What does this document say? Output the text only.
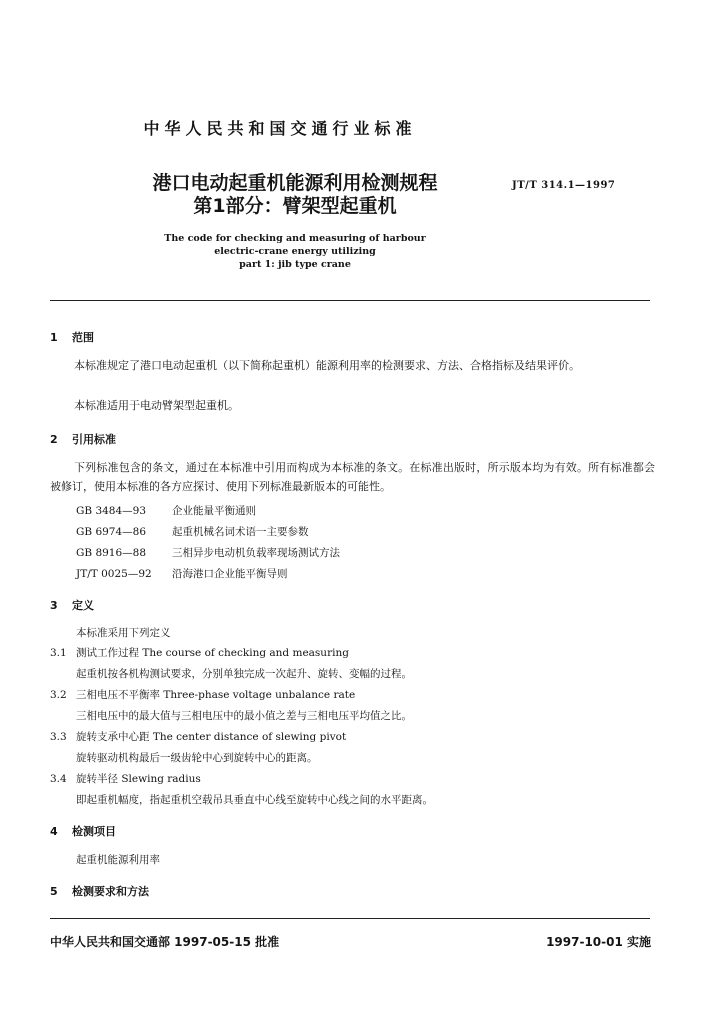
中华人民共和国交通行业标准
港口电动起重机能源利用检测规程
第1部分：臂架型起重机
JT/T 314.1—1997
The code for checking and measuring of harbour
electric-crane energy utilizing
part 1: jib type crane
1 范围
本标准规定了港口电动起重机（以下简称起重机）能源利用率的检测要求、方法、合格指标及结果评价。
本标准适用于电动臂架型起重机。
2 引用标准
下列标准包含的条文，通过在本标准中引用而构成为本标准的条文。在标准出版时，所示版本均为有效。所有标准都会被修订，使用本标准的各方应探讨、使用下列标准最新版本的可能性。
GB 3484—93 企业能量平衡通则
GB 6974—86 起重机械名词术语一主要参数
GB 8916—88 三相异步电动机负载率现场测试方法
JT/T 0025—92 沿海港口企业能平衡导则
3 定义
本标准采用下列定义
3.1 测试工作过程 The course of checking and measuring
起重机按各机构测试要求，分别单独完成一次起升、旋转、变幅的过程。
3.2 三相电压不平衡率 Three-phase voltage unbalance rate
三相电压中的最大值与三相电压中的最小值之差与三相电压平均值之比。
3.3 旋转支承中心距 The center distance of slewing pivot
旋转驱动机构最后一级齿轮中心到旋转中心的距离。
3.4 旋转半径 Slewing radius
即起重机幅度，指起重机空载吊具垂直中心线至旋转中心线之间的水平距离。
4 检测项目
起重机能源利用率
5 检测要求和方法
中华人民共和国交通部 1997-05-15 批准	1997-10-01 实施
